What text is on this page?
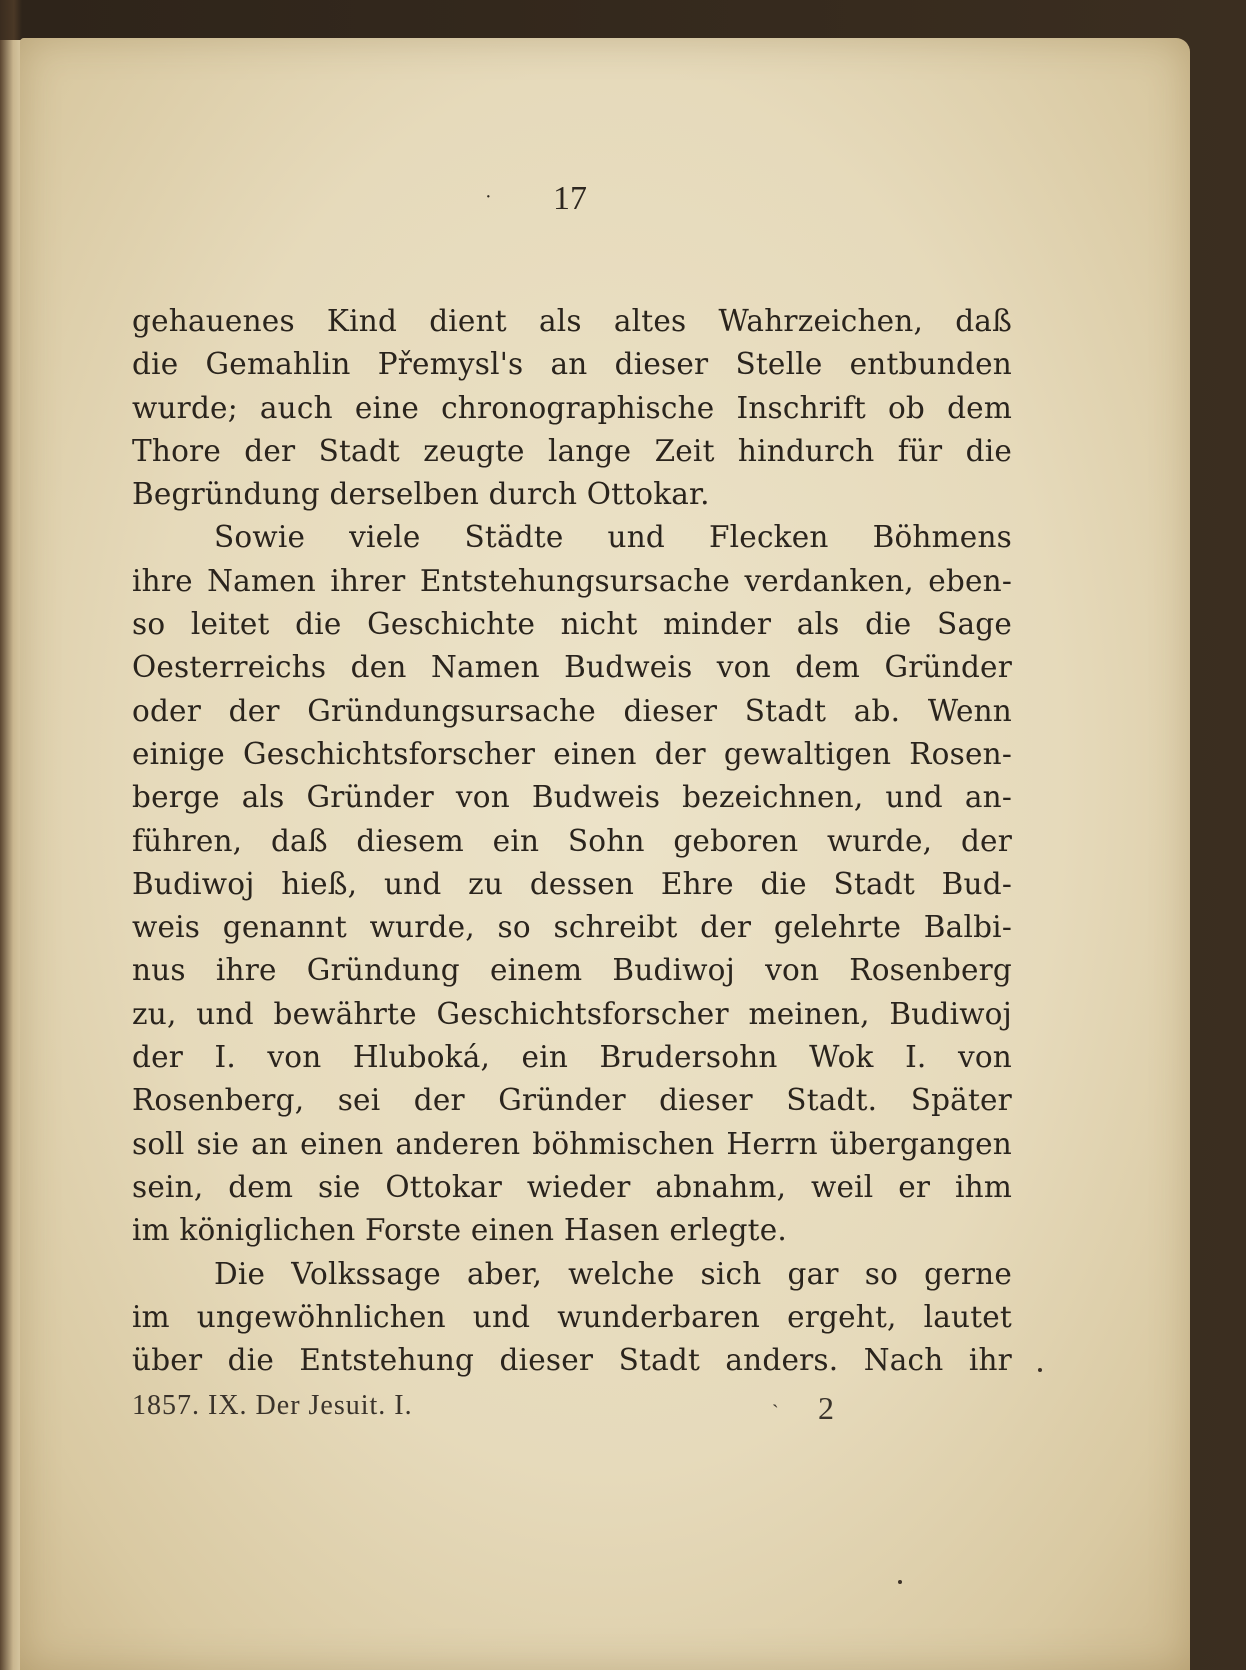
· 17
gehauenes Kind dient als altes Wahrzeichen, daß
die Gemahlin Přemysl's an dieser Stelle entbunden
wurde; auch eine chronographische Inschrift ob dem
Thore der Stadt zeugte lange Zeit hindurch für die
Begründung derselben durch Ottokar.
Sowie viele Städte und Flecken Böhmens
ihre Namen ihrer Entstehungsursache verdanken, eben-
so leitet die Geschichte nicht minder als die Sage
Oesterreichs den Namen Budweis von dem Gründer
oder der Gründungsursache dieser Stadt ab. Wenn
einige Geschichtsforscher einen der gewaltigen Rosen-
berge als Gründer von Budweis bezeichnen, und an-
führen, daß diesem ein Sohn geboren wurde, der
Budiwoj hieß, und zu dessen Ehre die Stadt Bud-
weis genannt wurde, so schreibt der gelehrte Balbi-
nus ihre Gründung einem Budiwoj von Rosenberg
zu, und bewährte Geschichtsforscher meinen, Budiwoj
der I. von Hluboká, ein Brudersohn Wok I. von
Rosenberg, sei der Gründer dieser Stadt. Später
soll sie an einen anderen böhmischen Herrn übergangen
sein, dem sie Ottokar wieder abnahm, weil er ihm
im königlichen Forste einen Hasen erlegte.
Die Volkssage aber, welche sich gar so gerne
im ungewöhnlichen und wunderbaren ergeht, lautet
über die Entstehung dieser Stadt anders. Nach ihr
1857. IX. Der Jesuit. I.	ˎ 2
